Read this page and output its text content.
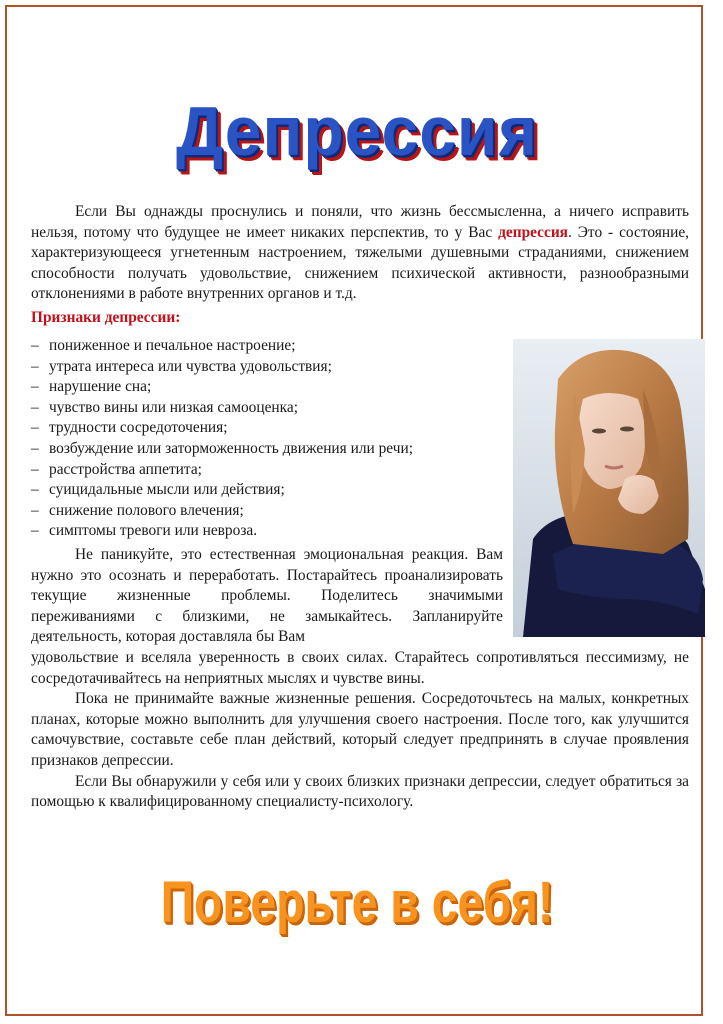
Депрессия
Если Вы однажды проснулись и поняли, что жизнь бессмысленна, а ничего исправить нельзя, потому что будущее не имеет никаких перспектив, то у Вас депрессия. Это - состояние, характеризующееся угнетенным настроением, тяжелыми душевными страданиями, снижением способности получать удовольствие, снижением психической активности, разнообразными отклонениями в работе внутренних органов и т.д.
Признаки депрессии:
– пониженное и печальное настроение;
– утрата интереса или чувства удовольствия;
– нарушение сна;
– чувство вины или низкая самооценка;
– трудности сосредоточения;
– возбуждение или заторможенность движения или речи;
– расстройства аппетита;
– суицидальные мысли или действия;
– снижение полового влечения;
– симптомы тревоги или невроза.

Не паникуйте, это естественная эмоциональная реакция. Вам нужно это осознать и переработать. Постарайтесь проанализировать текущие жизненные проблемы. Поделитесь значимыми переживаниями с близкими, не замыкайтесь. Запланируйте деятельность, которая доставляла бы Вам

удовольствие и вселяла уверенность в своих силах. Старайтесь сопротивляться пессимизму, не сосредотачивайтесь на неприятных мыслях и чувстве вины.

Пока не принимайте важные жизненные решения. Сосредоточьтесь на малых, конкретных планах, которые можно выполнить для улучшения своего настроения. После того, как улучшится самочувствие, составьте себе план действий, который следует предпринять в случае проявления признаков депрессии.

Если Вы обнаружили у себя или у своих близких признаки депрессии, следует обратиться за помощью к квалифицированному специалисту-психологу.

Поверьте в себя!
